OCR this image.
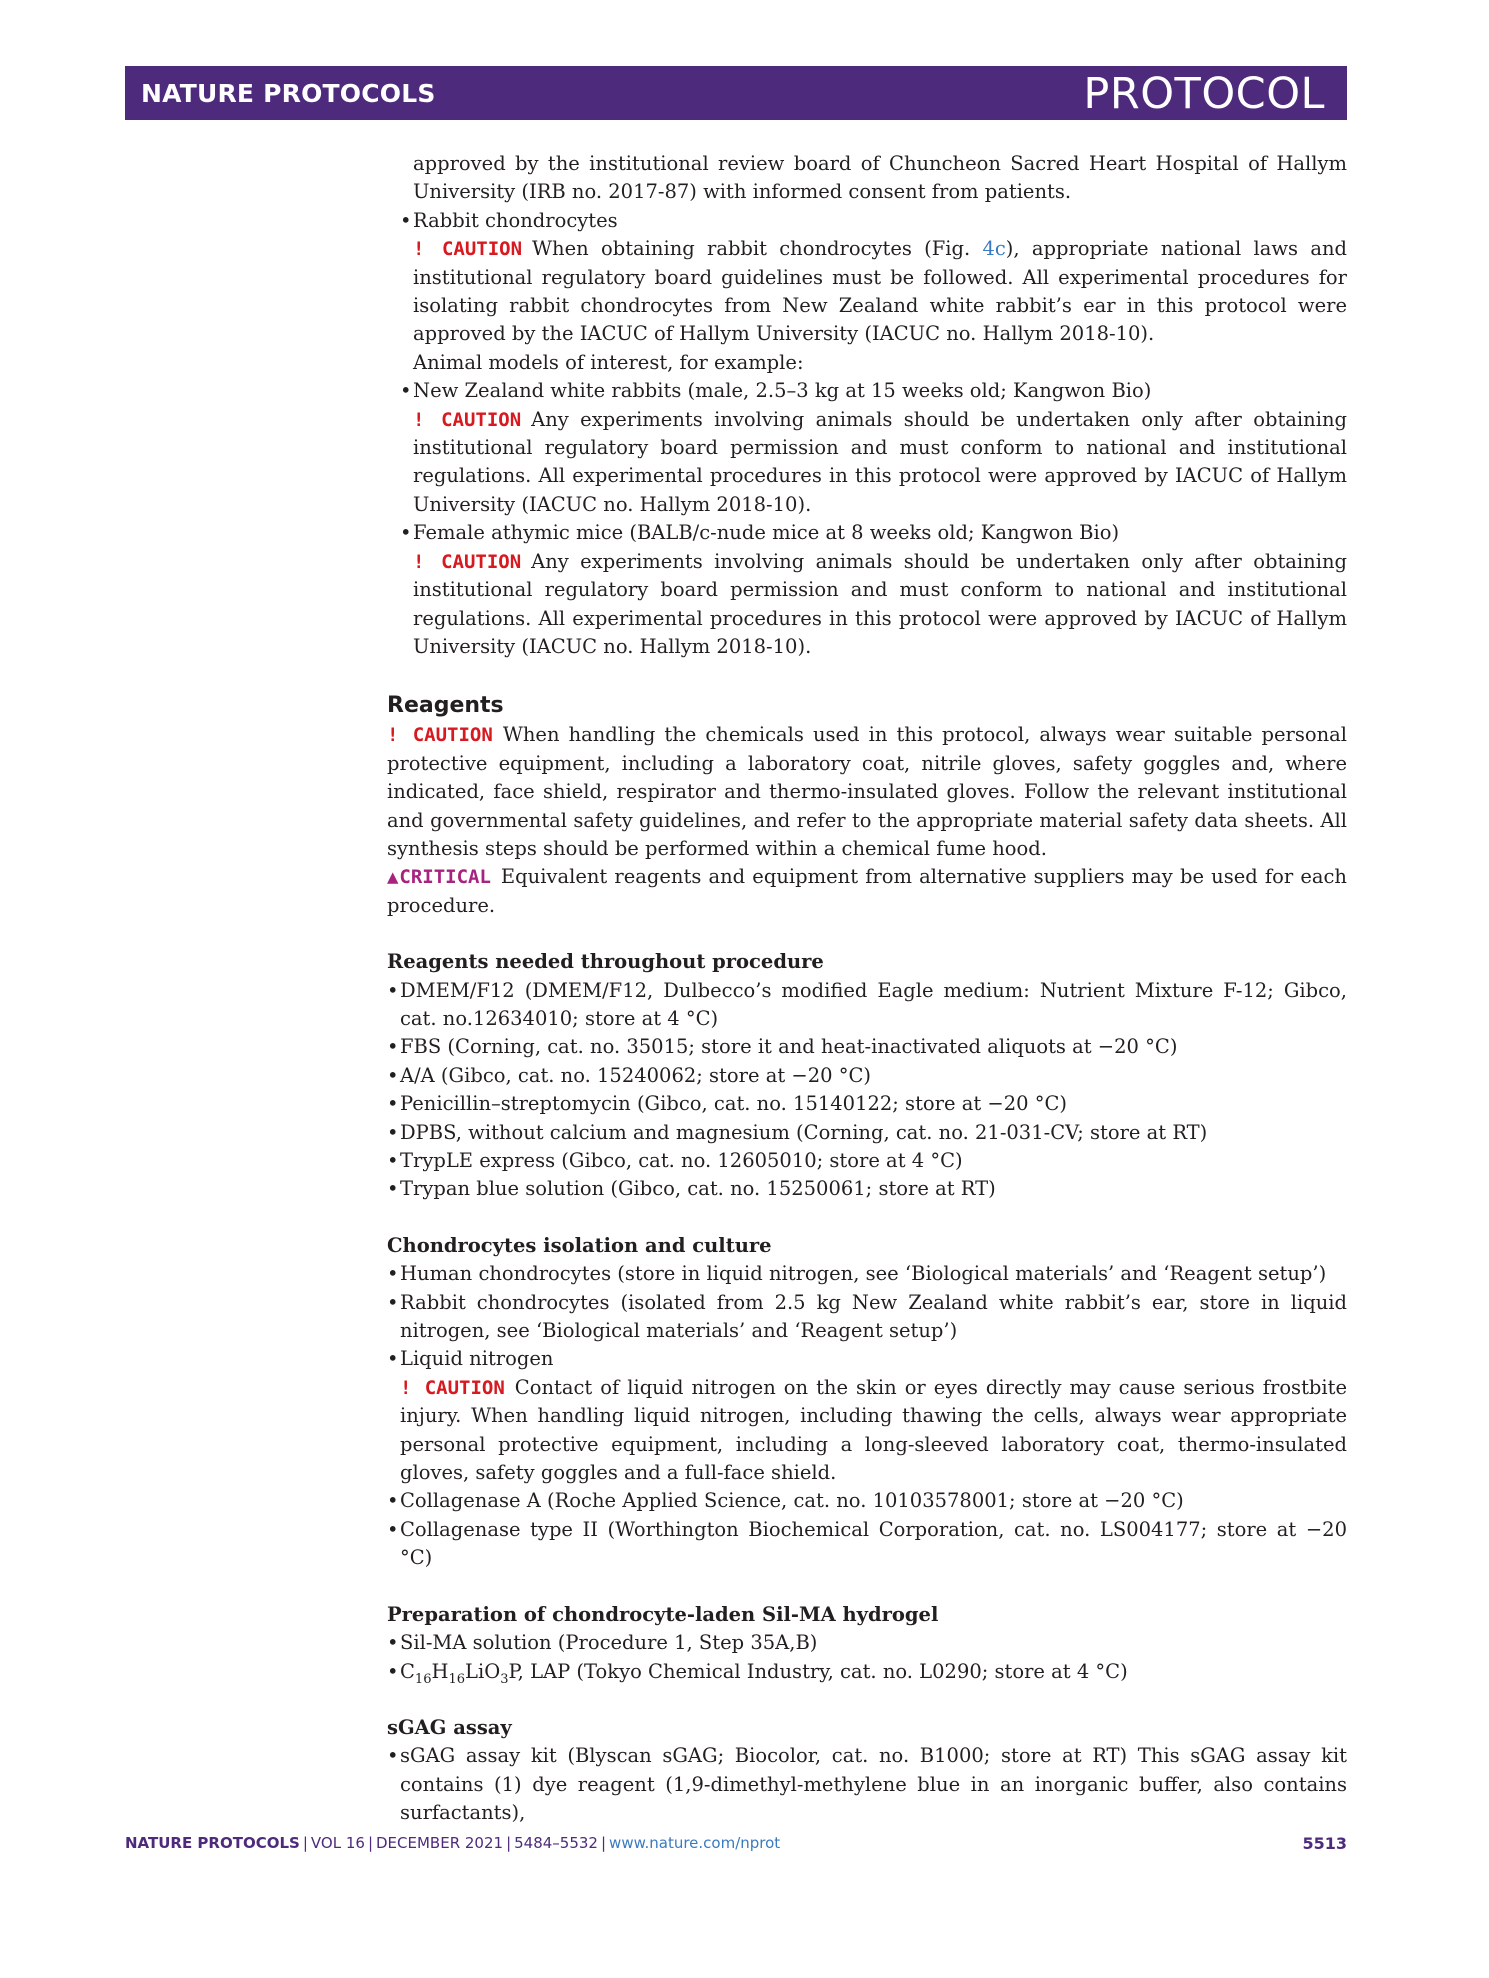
NATURE PROTOCOLS	PROTOCOL

approved by the institutional review board of Chuncheon Sacred Heart Hospital of Hallym University (IRB no. 2017-87) with informed consent from patients.

• Rabbit chondrocytes

! CAUTION When obtaining rabbit chondrocytes (Fig. 4c), appropriate national laws and institutional regulatory board guidelines must be followed. All experimental procedures for isolating rabbit chondrocytes from New Zealand white rabbit’s ear in this protocol were approved by the IACUC of Hallym University (IACUC no. Hallym 2018-10).

Animal models of interest, for example:

• New Zealand white rabbits (male, 2.5–3 kg at 15 weeks old; Kangwon Bio)

! CAUTION Any experiments involving animals should be undertaken only after obtaining institutional regulatory board permission and must conform to national and institutional regulations. All experimental procedures in this protocol were approved by IACUC of Hallym University (IACUC no. Hallym 2018-10).

• Female athymic mice (BALB/c-nude mice at 8 weeks old; Kangwon Bio)

! CAUTION Any experiments involving animals should be undertaken only after obtaining institutional regulatory board permission and must conform to national and institutional regulations. All experimental procedures in this protocol were approved by IACUC of Hallym University (IACUC no. Hallym 2018-10).

Reagents

! CAUTION When handling the chemicals used in this protocol, always wear suitable personal protective equipment, including a laboratory coat, nitrile gloves, safety goggles and, where indicated, face shield, respirator and thermo-insulated gloves. Follow the relevant institutional and governmental safety guidelines, and refer to the appropriate material safety data sheets. All synthesis steps should be performed within a chemical fume hood.

▲CRITICAL Equivalent reagents and equipment from alternative suppliers may be used for each procedure.

Reagents needed throughout procedure

• DMEM/F12 (DMEM/F12, Dulbecco’s modified Eagle medium: Nutrient Mixture F-12; Gibco, cat. no.12634010; store at 4 °C)

• FBS (Corning, cat. no. 35015; store it and heat-inactivated aliquots at −20 °C)

• A/A (Gibco, cat. no. 15240062; store at −20 °C)

• Penicillin–streptomycin (Gibco, cat. no. 15140122; store at −20 °C)

• DPBS, without calcium and magnesium (Corning, cat. no. 21-031-CV; store at RT)

• TrypLE express (Gibco, cat. no. 12605010; store at 4 °C)

• Trypan blue solution (Gibco, cat. no. 15250061; store at RT)

Chondrocytes isolation and culture

• Human chondrocytes (store in liquid nitrogen, see ‘Biological materials’ and ‘Reagent setup’)

• Rabbit chondrocytes (isolated from 2.5 kg New Zealand white rabbit’s ear, store in liquid nitrogen, see ‘Biological materials’ and ‘Reagent setup’)

• Liquid nitrogen

! CAUTION Contact of liquid nitrogen on the skin or eyes directly may cause serious frostbite injury. When handling liquid nitrogen, including thawing the cells, always wear appropriate personal protective equipment, including a long-sleeved laboratory coat, thermo-insulated gloves, safety goggles and a full-face shield.

• Collagenase A (Roche Applied Science, cat. no. 10103578001; store at −20 °C)

• Collagenase type II (Worthington Biochemical Corporation, cat. no. LS004177; store at −20 °C)

Preparation of chondrocyte-laden Sil-MA hydrogel

• Sil-MA solution (Procedure 1, Step 35A,B)

• $C_{16}H_{16}LiO_3P$, LAP (Tokyo Chemical Industry, cat. no. L0290; store at 4 °C)

sGAG assay

• sGAG assay kit (Blyscan sGAG; Biocolor, cat. no. B1000; store at RT) This sGAG assay kit contains (1) dye reagent (1,9-dimethyl-methylene blue in an inorganic buffer, also contains surfactants),

NATURE PROTOCOLS | VOL 16 | DECEMBER 2021 | 5484–5532 | www.nature.com/nprot	5513
